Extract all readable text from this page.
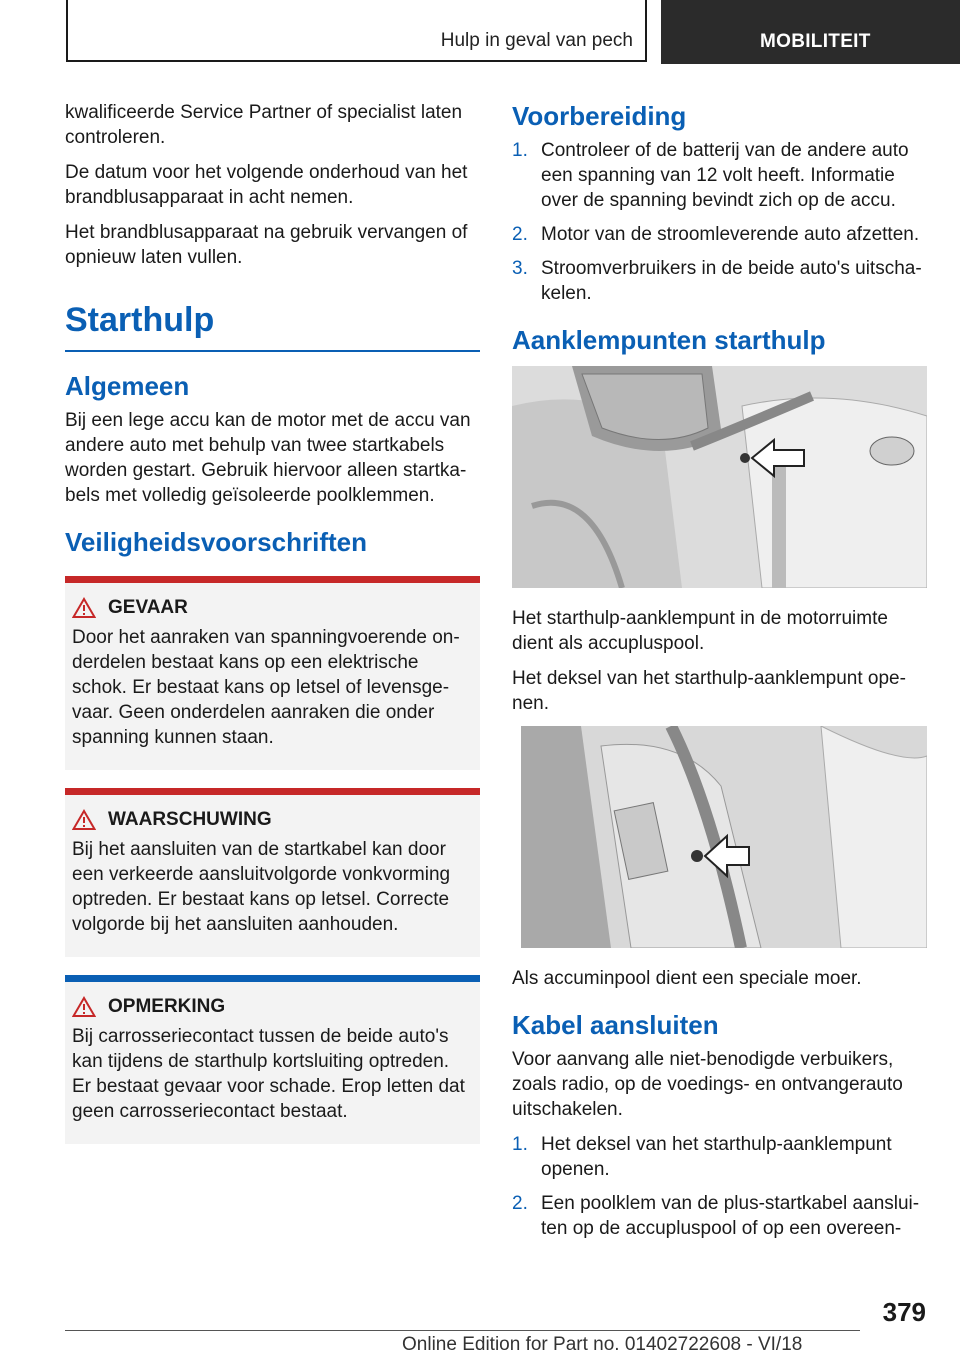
Hulp in geval van pech	MOBILITEIT

kwalificeerde Service Partner of specialist laten controleren.

De datum voor het volgende onderhoud van het brandblusapparaat in acht nemen.

Het brandblusapparaat na gebruik vervangen of opnieuw laten vullen.

Starthulp
Algemeen

Bij een lege accu kan de motor met de accu van andere auto met behulp van twee startkabels worden gestart. Gebruik hiervoor alleen startkabels met volledig geïsoleerde poolklemmen.

Veiligheidsvoorschriften
GEVAAR

Door het aanraken van spanningvoerende onderdelen bestaat kans op een elektrische schok. Er bestaat kans op letsel of levensgevaar. Geen onderdelen aanraken die onder spanning kunnen staan.

WAARSCHUWING

Bij het aansluiten van de startkabel kan door een verkeerde aansluitvolgorde vonkvorming optreden. Er bestaat kans op letsel. Correcte volgorde bij het aansluiten aanhouden.

OPMERKING

Bij carrosseriecontact tussen de beide auto's kan tijdens de starthulp kortsluiting optreden. Er bestaat gevaar voor schade. Erop letten dat geen carrosseriecontact bestaat.

Voorbereiding
1. Controleer of de batterij van de andere auto een spanning van 12 volt heeft. Informatie over de spanning bevindt zich op de accu.
2. Motor van de stroomleverende auto afzetten.
3. Stroomverbruikers in de beide auto's uitschakelen.
Aanklempunten starthulp

Het starthulp-aanklempunt in de motorruimte dient als accupluspool.

Het deksel van het starthulp-aanklempunt openen.

Als accuminpool dient een speciale moer.

Kabel aansluiten

Voor aanvang alle niet-benodigde verbuikers, zoals radio, op de voedings- en ontvangerauto uitschakelen.

1. Het deksel van het starthulp-aanklempunt openen.
2. Een poolklem van de plus-startkabel aansluiten op de accupluspool of op een overeen-
379
Online Edition for Part no. 01402722608 - VI/18
